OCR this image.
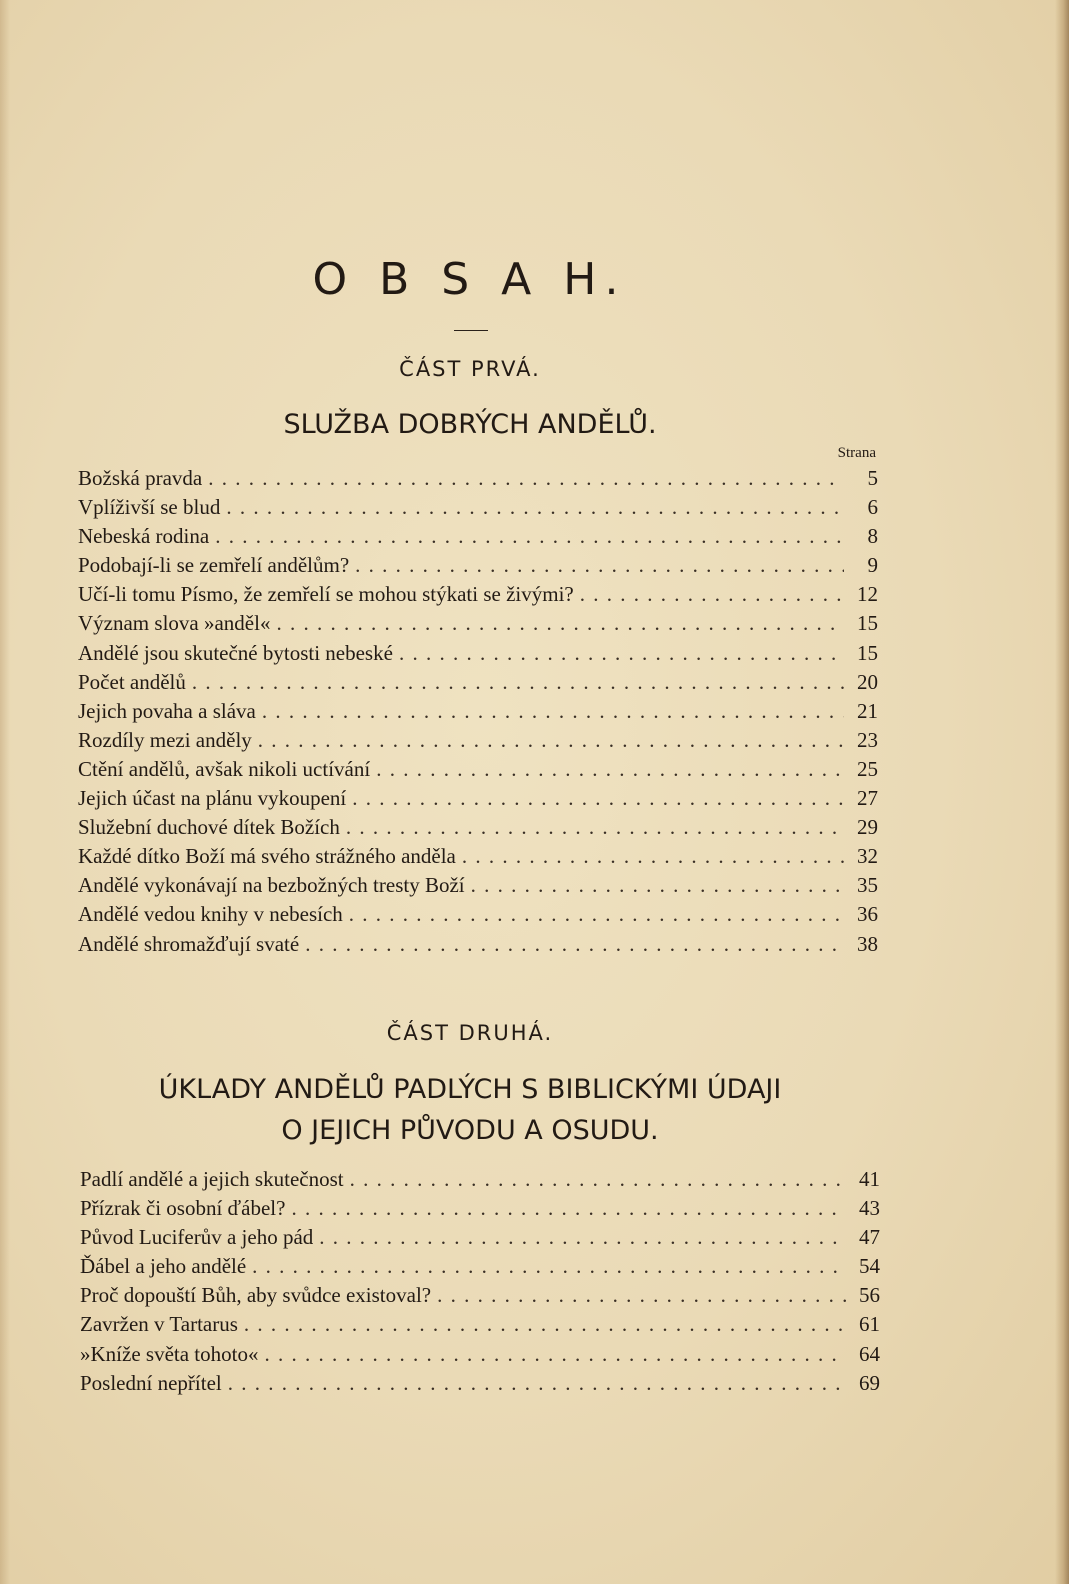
O B S A H.
ČÁST PRVÁ.
SLUŽBA DOBRÝCH ANDĚLŮ.
Strana
Božská pravda . . .	5
Vplíživší se blud . . .	6
Nebeská rodina . . .	8
Podobají-li se zemřelí andělům? . . .	9
Učí-li tomu Písmo, že zemřelí se mohou stýkati se živými? . . .	12
Význam slova »anděl« . . .	15
Andělé jsou skutečné bytosti nebeské . . .	15
Počet andělů . . .	20
Jejich povaha a sláva . . .	21
Rozdíly mezi anděly . . .	23
Ctění andělů, avšak nikoli uctívání . . .	25
Jejich účast na plánu vykoupení . . .	27
Služební duchové dítek Božích . . .	29
Každé dítko Boží má svého strážného anděla . . .	32
Andělé vykonávají na bezbožných tresty Boží . . .	35
Andělé vedou knihy v nebesích . . .	36
Andělé shromažďují svaté . . .	38
ČÁST DRUHÁ.
ÚKLADY ANDĚLŮ PADLÝCH S BIBLICKÝMI ÚDAJI
O JEJICH PŮVODU A OSUDU.
Padlí andělé a jejich skutečnost . . .	41
Přízrak či osobní ďábel? . . .	43
Původ Luciferův a jeho pád . . .	47
Ďábel a jeho andělé . . .	54
Proč dopouští Bůh, aby svůdce existoval? . . .	56
Zavržen v Tartarus . . .	61
»Kníže světa tohoto« . . .	64
Poslední nepřítel . . .	69
